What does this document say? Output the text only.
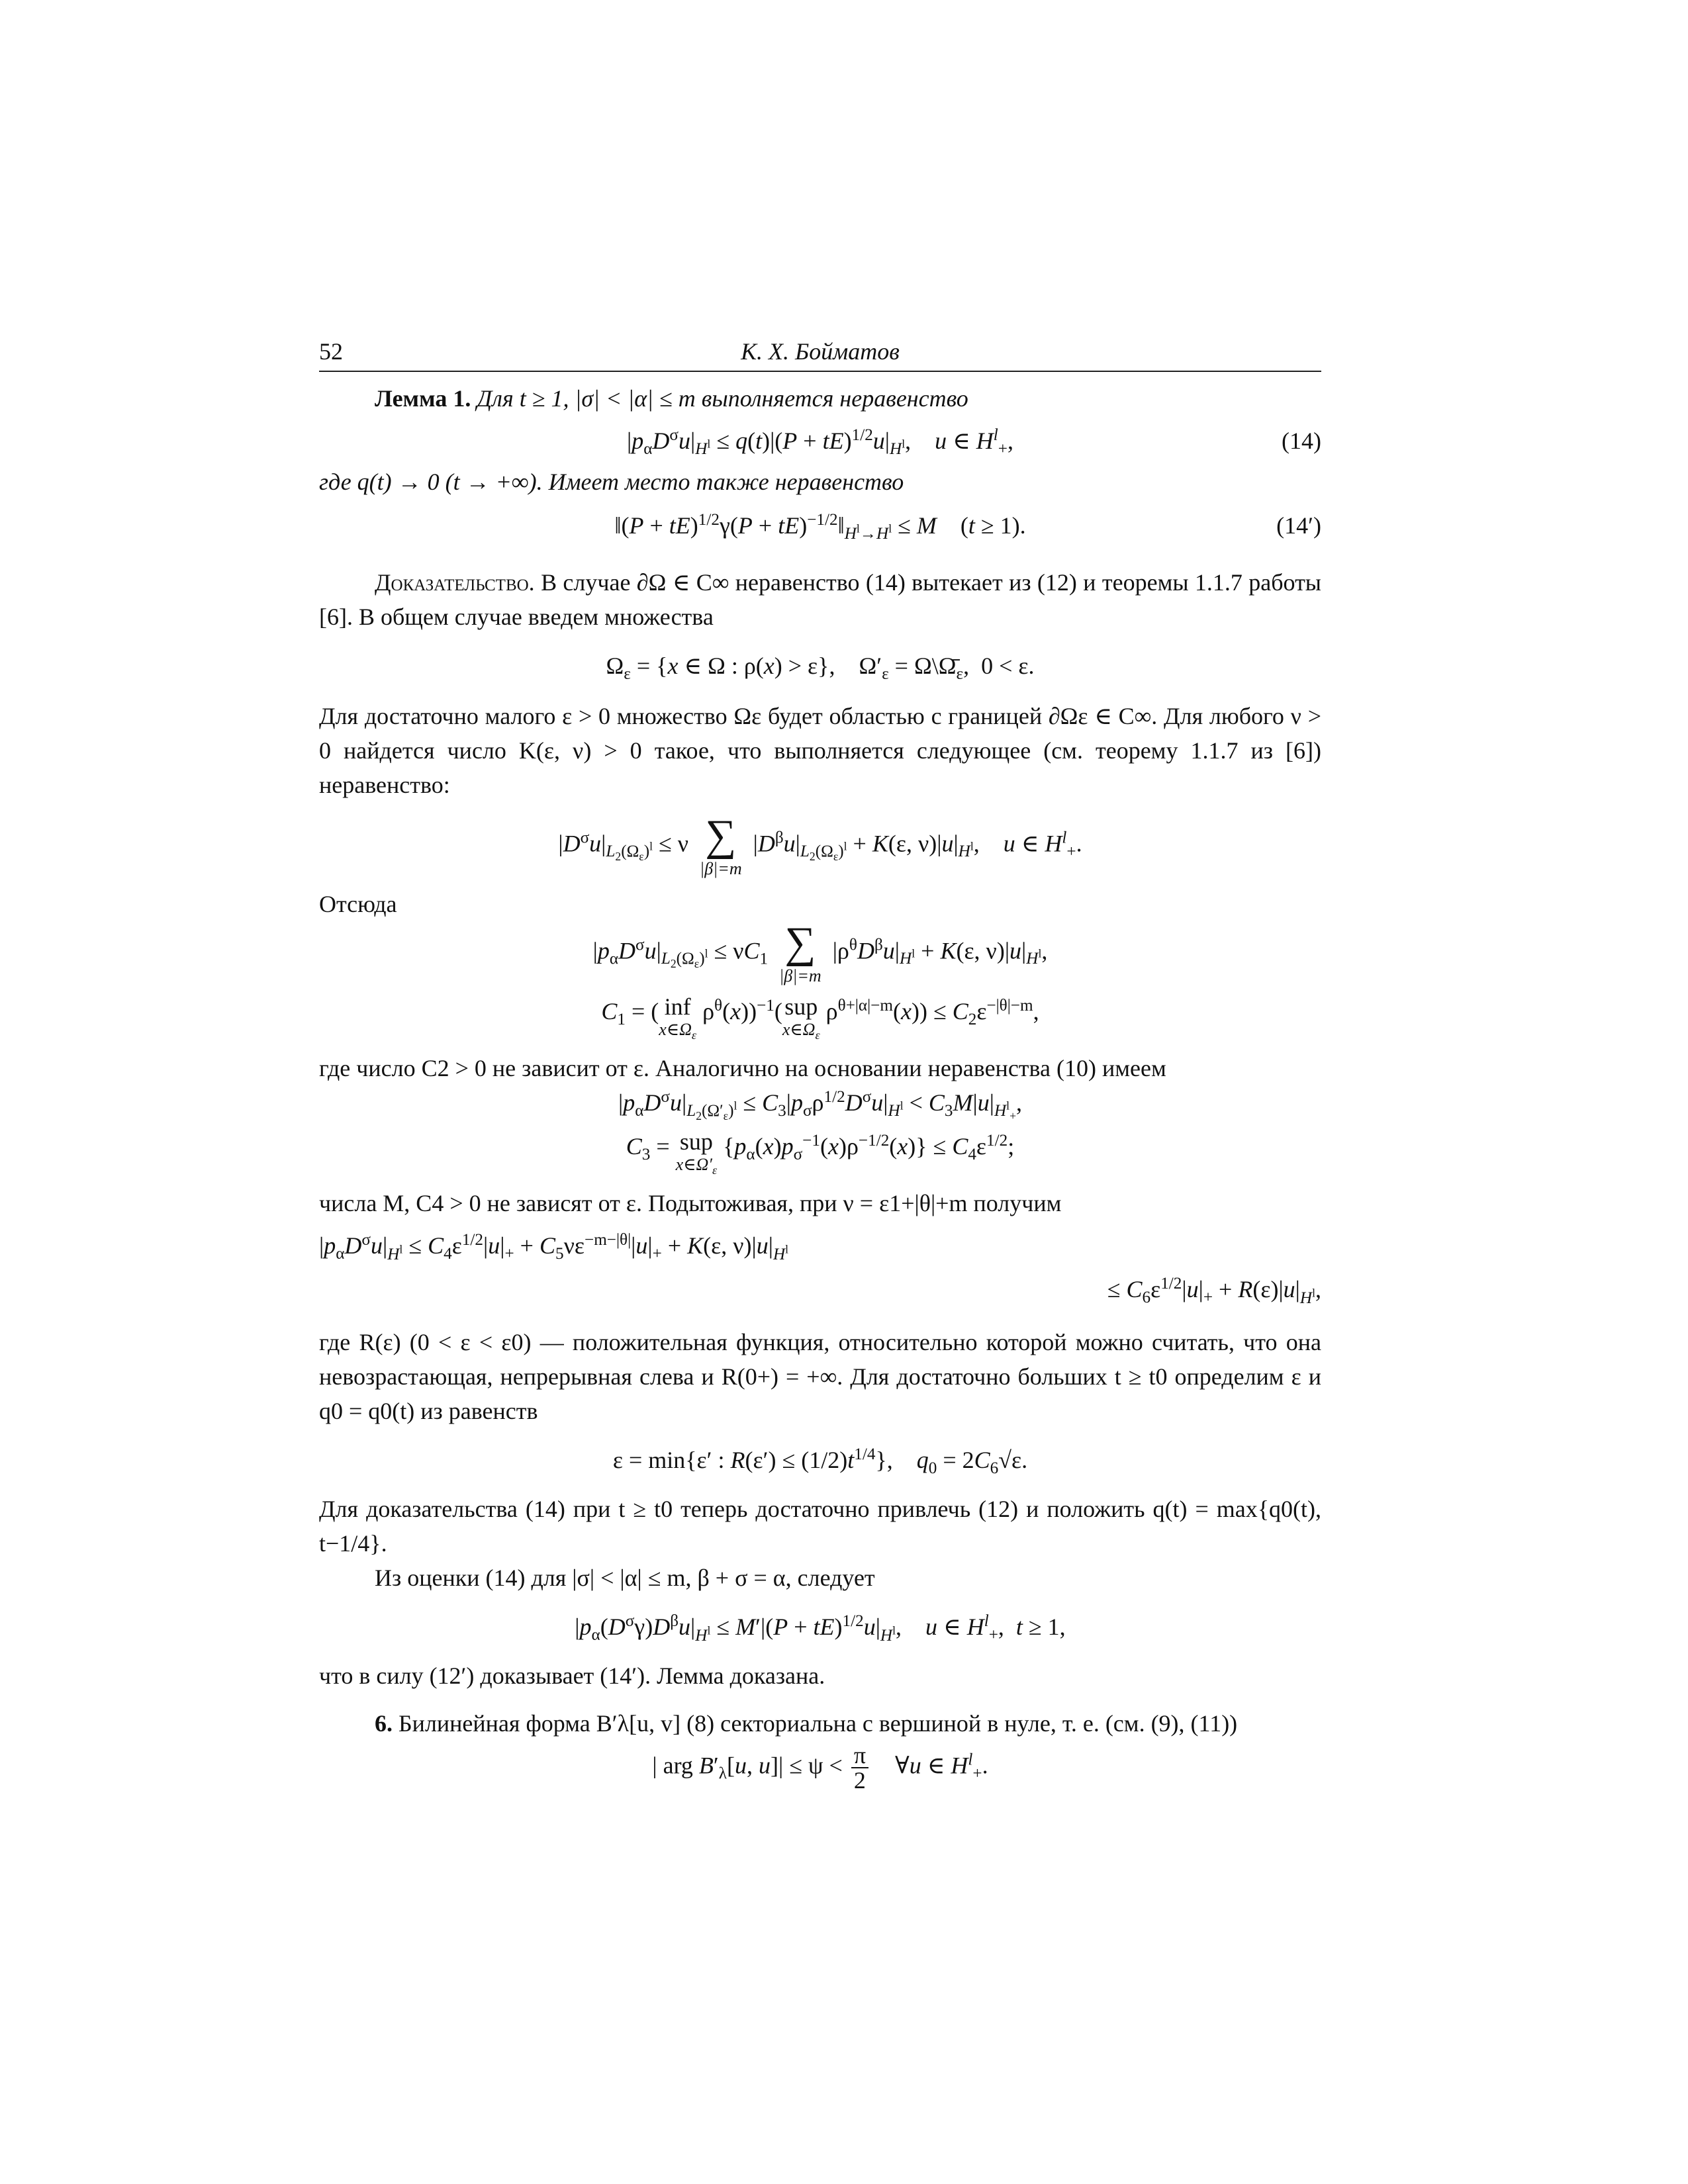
52	К. Х. Бойматов

Лемма 1. Для t ≥ 1, |σ| < |α| ≤ m выполняется неравенство

$|p_\alpha D^\sigma u|_{H^l} \le q(t)|(P + tE)^{1/2}u|_{H^l}$,    u ∈ $H^l_+$,	(14)

где q(t) → 0 (t → +∞). Имеет место также неравенство

‖(P + $tE)^{1/2}\gamma(P + tE)^{-1/2}‖_{H^l\to H^l} \le M$    (t ≥ 1).	(14′)

Доказательство. В случае ∂Ω ∈ C∞ неравенство (14) вытекает из (12) и теоремы 1.1.7 работы [6]. В общем случае введем множества

$\Omega_\varepsilon = \{x$ ∈ Ω : ρ(x) > ε},    $\Omega'_\varepsilon$ = $\Omega\backslash\Omegā_\varepsilon$,  0 < ε.

Для достаточно малого ε > 0 множество Ωε будет областью с границей ∂Ωε ∈ C∞. Для любого ν > 0 найдется число K(ε, ν) > 0 такое, что выполняется следующее (см. теорему 1.1.7 из [6]) неравенство:

$|D^\sigma u|_{L_2(\Omega_\varepsilon)^l} \le \nu$ ∑
|β|=m
$|D^\beta u|_{L_2(\Omega_\varepsilon)^l} + K(\varepsilon$, $\nu)|u|_{H^l}$,    u ∈ $H^l_+$.

Отсюда

$|p_\alpha D^\sigma u|_{L_2(\Omega_\varepsilon)^l} \le \nu C_1$ ∑
|β|=m
$|\rho^\theta D^\beta u|_{H^l} + K(\varepsilon$, $\nu)|u|_{H^l}$,
$C_1$ = ( inf
$x\in\Omega_\varepsilon$
$\rho^\theta(x))^{-1}(sup$
$x\in\Omega_\varepsilon$
$\rho^{\theta+|\alpha|-m}(x)) \le C_2\varepsilon^{-|\theta|-m}$,

где число C2 > 0 не зависит от ε. Аналогично на основании неравенства (10) имеем

$|p_\alpha D^\sigma u|_{L_2(\Omega'_\varepsilon)^l} \le C_3|p_\sigma\rho^{1/2}D^\sigma u|_{H^l} < C_3M|u|_{H^l_+}$,
$C_3$ = sup
$x\in\Omega'_\varepsilon$
$\{p_\alpha(x)p_\sigma^{-1}(x)\rho^{-1/2}(x)\} \le C_4\varepsilon^{1/2}$;

числа M, C4 > 0 не зависят от ε. Подытоживая, при ν = ε1+|θ|+m получим

$|p_\alpha D^\sigma u|_{H^l} \le C_4\varepsilon^{1/2}|u|_+ + C_5\nu\varepsilon^{-m-|\theta|}|u|_+ + K(\varepsilon$, $\nu)|u|_{H^l}$
≤ $C_6\varepsilon^{1/2}|u|_+ + R(\varepsilon)|u|_{H^l}$,

где R(ε) (0 < ε < ε0) — положительная функция, относительно которой можно считать, что она невозрастающая, непрерывная слева и R(0+) = +∞. Для достаточно больших t ≥ t0 определим ε и q0 = q0(t) из равенств

ε = min{ε′ : $R(\varepsilon') \le (1/2)t^{1/4}$},    $q_0 = 2C_6√\varepsilon$.

Для доказательства (14) при t ≥ t0 теперь достаточно привлечь (12) и положить q(t) = max{q0(t), t−1/4}.

Из оценки (14) для |σ| < |α| ≤ m, β + σ = α, следует

$|p_\alpha(D^\sigma\gamma)D^\beta u|_{H^l} \le M'|(P + tE)^{1/2}u|_{H^l}$,    u ∈ $H^l_+$,  t ≥ 1,

что в силу (12′) доказывает (14′). Лемма доказана.

6. Билинейная форма B′λ[u, v] (8) секториальна с вершиной в нуле, т. е. (см. (9), (11))

| arg $B'_\lambda[u$, $u]| \le \psi < \frac{\pi}{2}$ ∀u ∈ $H^l_+$.
